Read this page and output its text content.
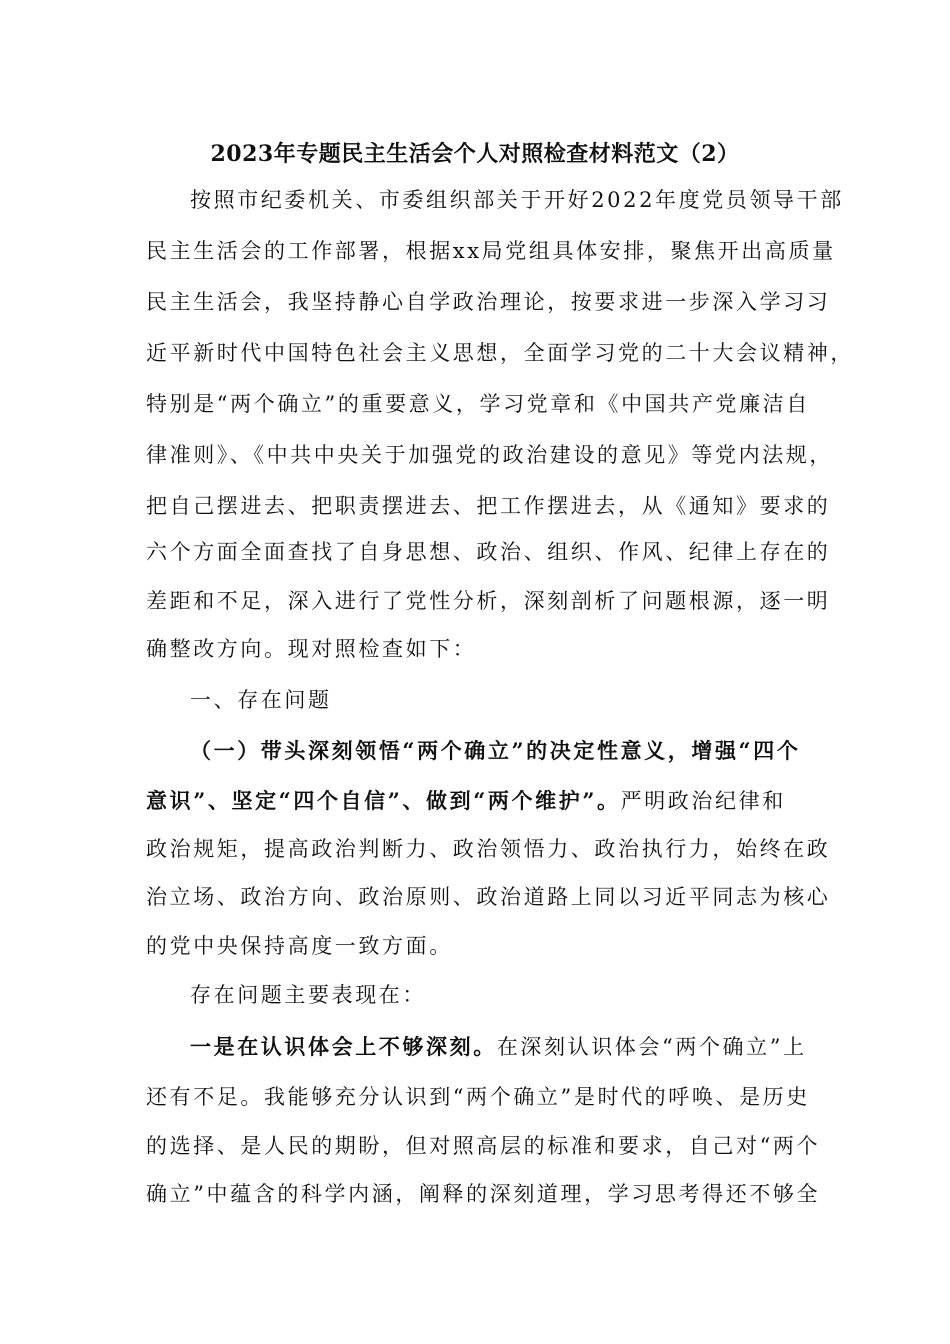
2023年专题民主生活会个人对照检查材料范文（2）
按照市纪委机关、市委组织部关于开好2022年度党员领导干部
民主生活会的工作部署，根据xx局党组具体安排，聚焦开出高质量
民主生活会，我坚持静心自学政治理论，按要求进一步深入学习习
近平新时代中国特色社会主义思想，全面学习党的二十大会议精神，
特别是“两个确立”的重要意义，学习党章和《中国共产党廉洁自
律准则》、《中共中央关于加强党的政治建设的意见》等党内法规，
把自己摆进去、把职责摆进去、把工作摆进去，从《通知》要求的
六个方面全面查找了自身思想、政治、组织、作风、纪律上存在的
差距和不足，深入进行了党性分析，深刻剖析了问题根源，逐一明
确整改方向。现对照检查如下：
一、存在问题
（一）带头深刻领悟“两个确立”的决定性意义，增强“四个
意识”、坚定“四个自信”、做到“两个维护”。严明政治纪律和
政治规矩，提高政治判断力、政治领悟力、政治执行力，始终在政
治立场、政治方向、政治原则、政治道路上同以习近平同志为核心
的党中央保持高度一致方面。
存在问题主要表现在：
一是在认识体会上不够深刻。在深刻认识体会“两个确立”上
还有不足。我能够充分认识到“两个确立”是时代的呼唤、是历史
的选择、是人民的期盼，但对照高层的标准和要求，自己对“两个
确立”中蕴含的科学内涵，阐释的深刻道理，学习思考得还不够全
